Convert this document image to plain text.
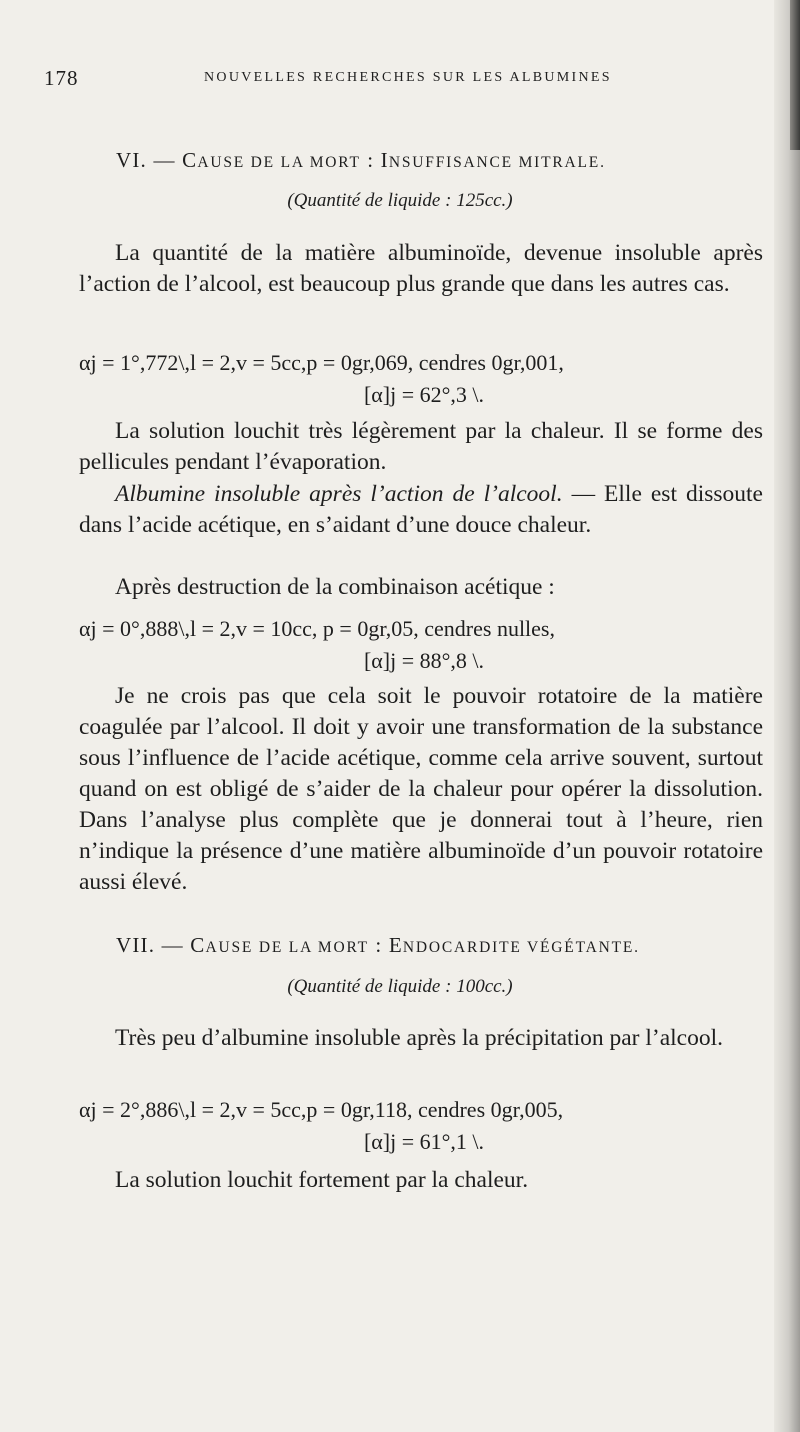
178	NOUVELLES RECHERCHES SUR LES ALBUMINES
VI. — CAUSE DE LA MORT : INSUFFISANCE MITRALE.
(Quantité de liquide : 125cc.)

La quantité de la matière albuminoïde, devenue insoluble après l’action de l’alcool, est beaucoup plus grande que dans les autres cas.

αj = 1°,772\,l = 2,v = 5cc,p = 0gr,069, cendres 0gr,001,
[α]j = 62°,3 \.

La solution louchit très légèrement par la chaleur. Il se forme des pellicules pendant l’évaporation.

Albumine insoluble après l’action de l’alcool. — Elle est dissoute dans l’acide acétique, en s’aidant d’une douce chaleur.

Après destruction de la combinaison acétique :

αj = 0°,888\,l = 2,v = 10cc, p = 0gr,05, cendres nulles,
[α]j = 88°,8 \.

Je ne crois pas que cela soit le pouvoir rotatoire de la matière coagulée par l’alcool. Il doit y avoir une transformation de la substance sous l’influence de l’acide acétique, comme cela arrive souvent, surtout quand on est obligé de s’aider de la chaleur pour opérer la dissolution. Dans l’analyse plus complète que je donnerai tout à l’heure, rien n’indique la présence d’une matière albuminoïde d’un pouvoir rotatoire aussi élevé.

VII. — CAUSE DE LA MORT : ENDOCARDITE VÉGÉTANTE.
(Quantité de liquide : 100cc.)

Très peu d’albumine insoluble après la précipitation par l’alcool.

αj = 2°,886\,l = 2,v = 5cc,p = 0gr,118, cendres 0gr,005,
[α]j = 61°,1 \.

La solution louchit fortement par la chaleur.
